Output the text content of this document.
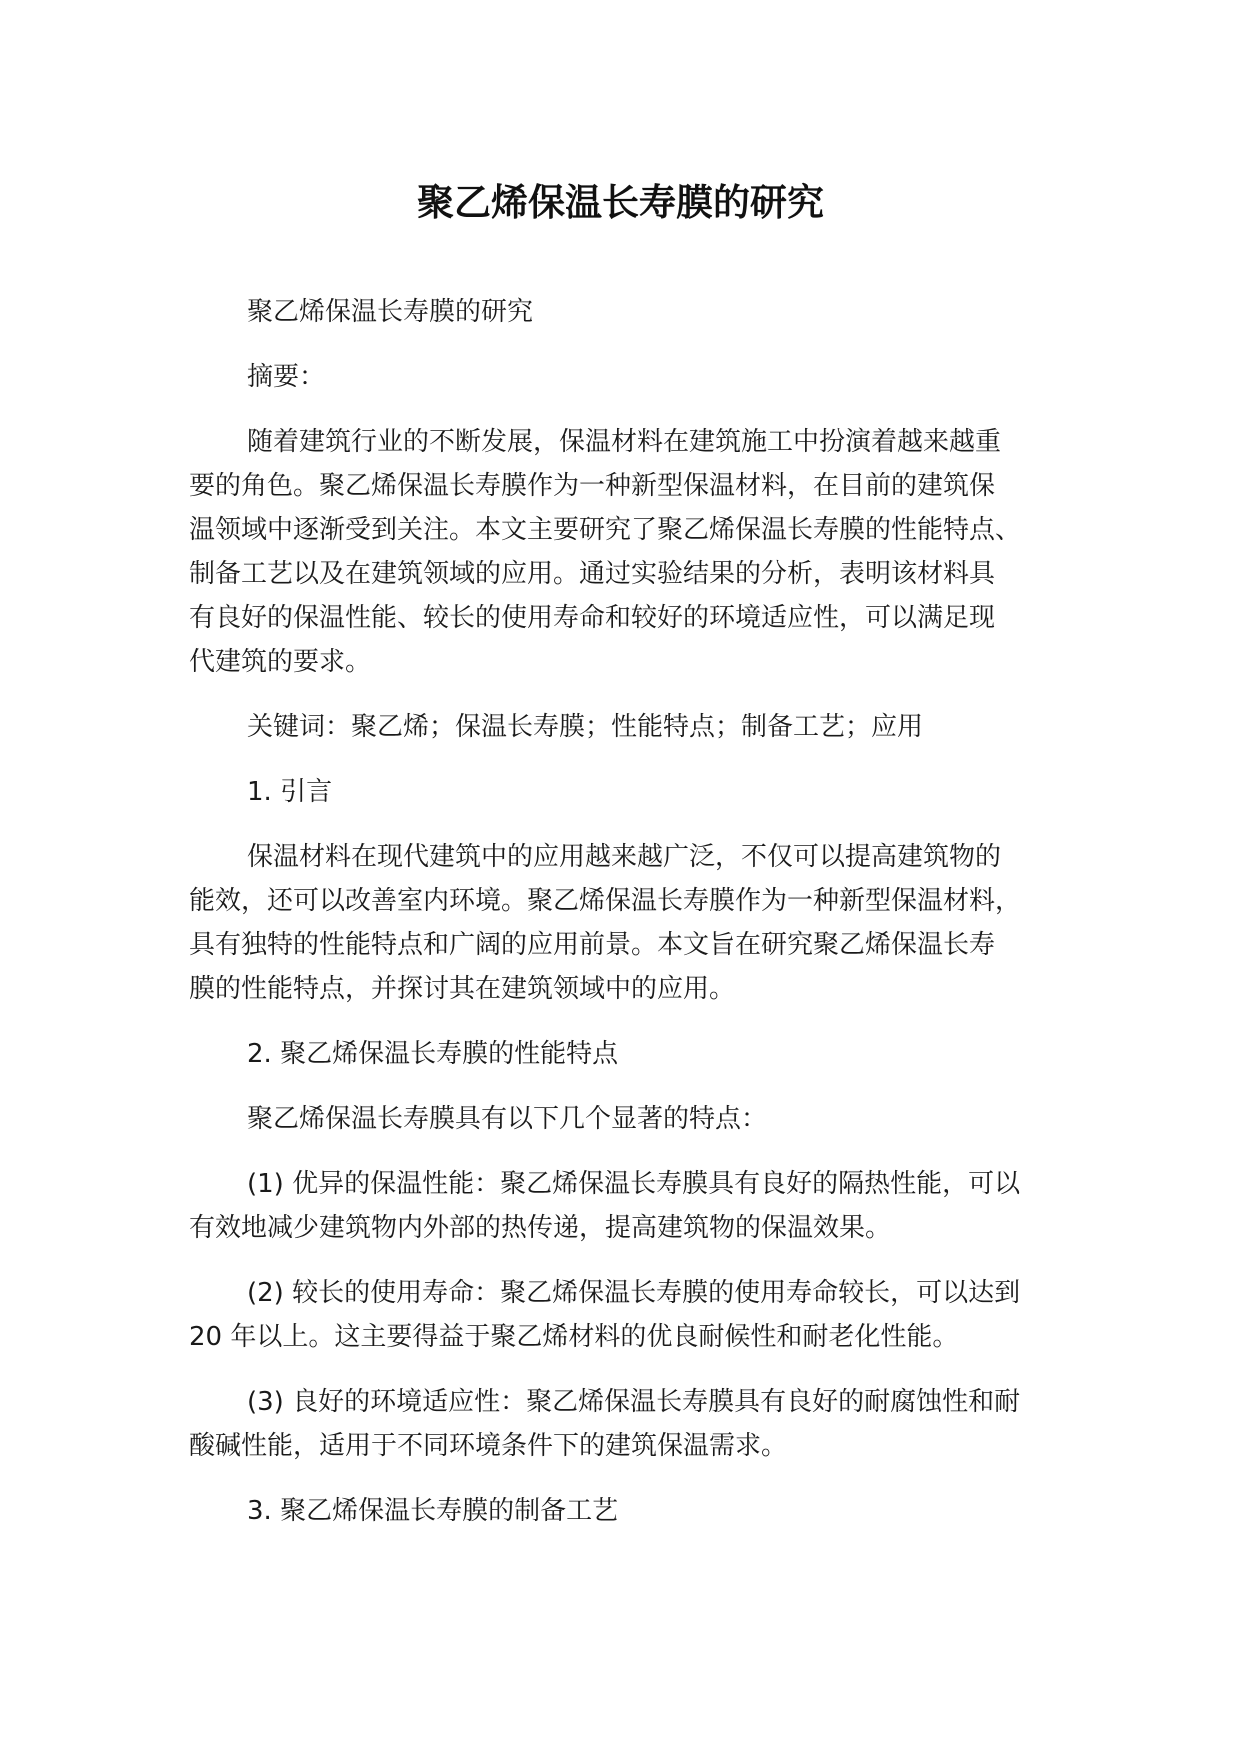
聚乙烯保温长寿膜的研究

聚乙烯保温长寿膜的研究

摘要：

随着建筑行业的不断发展，保温材料在建筑施工中扮演着越来越重
要的角色。聚乙烯保温长寿膜作为一种新型保温材料，在目前的建筑保
温领域中逐渐受到关注。本文主要研究了聚乙烯保温长寿膜的性能特点、
制备工艺以及在建筑领域的应用。通过实验结果的分析，表明该材料具
有良好的保温性能、较长的使用寿命和较好的环境适应性，可以满足现
代建筑的要求。

关键词：聚乙烯；保温长寿膜；性能特点；制备工艺；应用

1. 引言

保温材料在现代建筑中的应用越来越广泛，不仅可以提高建筑物的
能效，还可以改善室内环境。聚乙烯保温长寿膜作为一种新型保温材料，
具有独特的性能特点和广阔的应用前景。本文旨在研究聚乙烯保温长寿
膜的性能特点，并探讨其在建筑领域中的应用。

2. 聚乙烯保温长寿膜的性能特点

聚乙烯保温长寿膜具有以下几个显著的特点：

(1) 优异的保温性能：聚乙烯保温长寿膜具有良好的隔热性能，可以
有效地减少建筑物内外部的热传递，提高建筑物的保温效果。

(2) 较长的使用寿命：聚乙烯保温长寿膜的使用寿命较长，可以达到
20 年以上。这主要得益于聚乙烯材料的优良耐候性和耐老化性能。

(3) 良好的环境适应性：聚乙烯保温长寿膜具有良好的耐腐蚀性和耐
酸碱性能，适用于不同环境条件下的建筑保温需求。

3. 聚乙烯保温长寿膜的制备工艺
